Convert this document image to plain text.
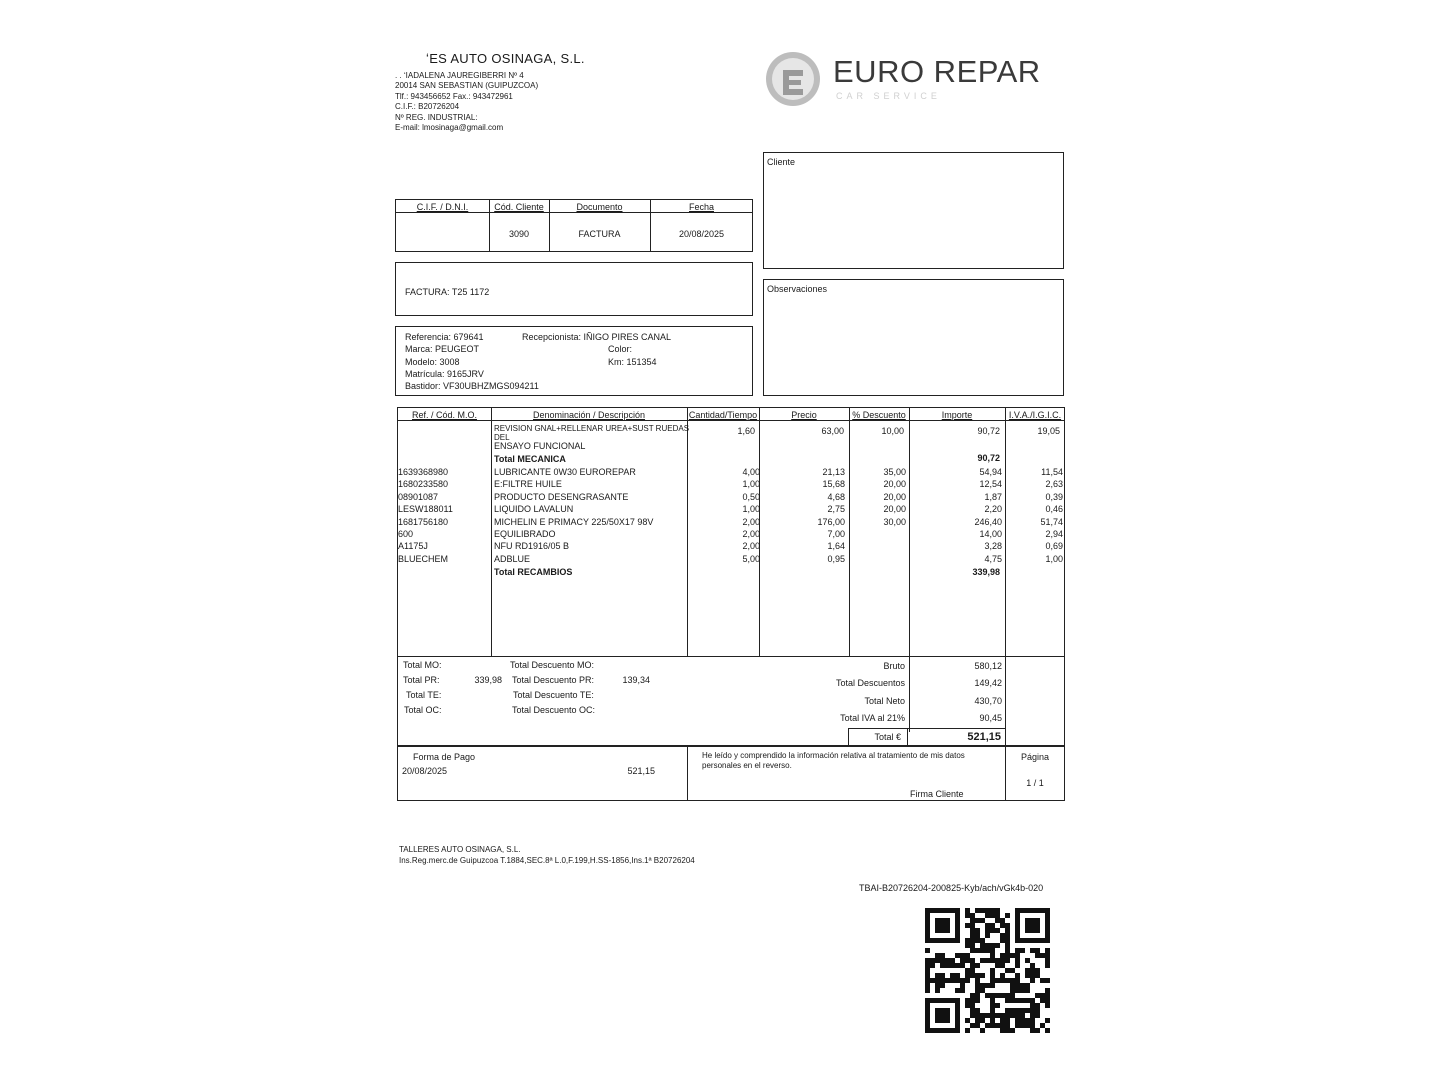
ʻES AUTO OSINAGA, S.L.
. . ʻIADALENA JAUREGIBERRI Nº 4
20014 SAN SEBASTIAN (GUIPUZCOA)
Tlf.: 943456652 Fax.: 943472961
C.I.F.: B20726204
Nº REG. INDUSTRIAL:
E-mail: lmosinaga@gmail.com
EURO REPAR
CAR SERVICE
Cliente
Observaciones
C.I.F. / D.N.I.	Cód. Cliente	Documento	Fecha
3090	FACTURA	20/08/2025
FACTURA: T25 1172
Referencia: 679641	Recepcionista: IÑIGO PIRES CANAL
Marca: PEUGEOT	Color:
Modelo: 3008	Km: 151354
Matrícula: 9165JRV
Bastidor: VF30UBHZMGS094211
Ref. / Cód. M.O.	Denominación / Descripción	Cantidad/Tiempo	Precio	% Descuento	Importe	I.V.A./I.G.I.C.
REVISION GNAL+RELLENAR UREA+SUST RUEDAS
DEL
ENSAYO FUNCIONAL
1,60	63,00	10,00	90,72	19,05
Total MECANICA	90,72
1639368980	LUBRICANTE 0W30 EUROREPAR	4,00	21,13	35,00	54,94	11,54
1680233580	E:FILTRE HUILE	1,00	15,68	20,00	12,54	2,63
08901087	PRODUCTO DESENGRASANTE	0,50	4,68	20,00	1,87	0,39
LESW188011	LIQUIDO LAVALUN	1,00	2,75	20,00	2,20	0,46
1681756180	MICHELIN E PRIMACY 225/50X17 98V	2,00	176,00	30,00	246,40	51,74
600	EQUILIBRADO	2,00	7,00		14,00	2,94
A1175J	NFU RD1916/05 B	2,00	1,64		3,28	0,69
BLUECHEM	ADBLUE	5,00	0,95		4,75	1,00
Total RECAMBIOS	339,98
Total MO:
Total PR:	339,98
Total TE:
Total OC:
Total Descuento MO:
Total Descuento PR:	139,34
Total Descuento TE:
Total Descuento OC:
Bruto	580,12
Total Descuentos	149,42
Total Neto	430,70
Total IVA al 21%	90,45
Total €	521,15
Forma de Pago
20/08/2025	521,15
He leído y comprendido la información relativa al tratamiento de mis datos
personales en el reverso.
Firma Cliente
Página
1 / 1
TALLERES AUTO OSINAGA, S.L.
Ins.Reg.merc.de Guipuzcoa T.1884,SEC.8ª L.0,F.199,H.SS-1856,Ins.1ª B20726204
TBAI-B20726204-200825-Kyb/ach/vGk4b-020
